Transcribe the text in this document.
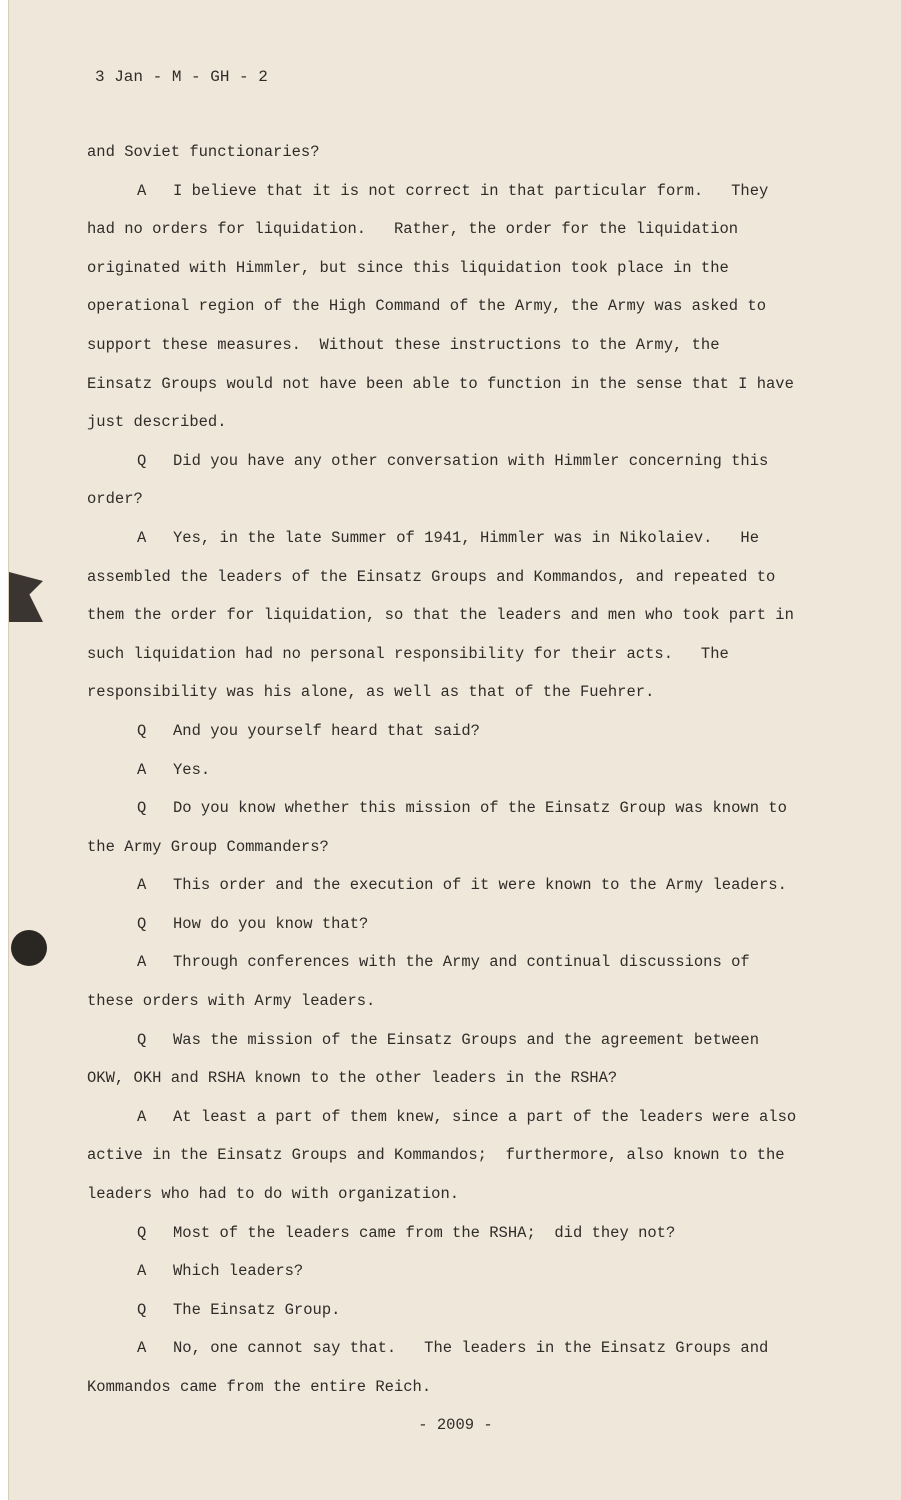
3 Jan - M - GH - 2
and Soviet functionaries?
A I believe that it is not correct in that particular form.   They
had no orders for liquidation.   Rather, the order for the liquidation
originated with Himmler, but since this liquidation took place in the
operational region of the High Command of the Army, the Army was asked to
support these measures.  Without these instructions to the Army, the
Einsatz Groups would not have been able to function in the sense that I have
just described.
Q Did you have any other conversation with Himmler concerning this
order?
A Yes, in the late Summer of 1941, Himmler was in Nikolaiev.   He
assembled the leaders of the Einsatz Groups and Kommandos, and repeated to
them the order for liquidation, so that the leaders and men who took part in
such liquidation had no personal responsibility for their acts.   The
responsibility was his alone, as well as that of the Fuehrer.
Q And you yourself heard that said?
A Yes.
Q Do you know whether this mission of the Einsatz Group was known to
the Army Group Commanders?
A This order and the execution of it were known to the Army leaders.
Q How do you know that?
A Through conferences with the Army and continual discussions of
these orders with Army leaders.
Q Was the mission of the Einsatz Groups and the agreement between
OKW, OKH and RSHA known to the other leaders in the RSHA?
A At least a part of them knew, since a part of the leaders were also
active in the Einsatz Groups and Kommandos;  furthermore, also known to the
leaders who had to do with organization.
Q Most of the leaders came from the RSHA;  did they not?
A Which leaders?
Q The Einsatz Group.
A No, one cannot say that.   The leaders in the Einsatz Groups and
Kommandos came from the entire Reich.
- 2009 -
